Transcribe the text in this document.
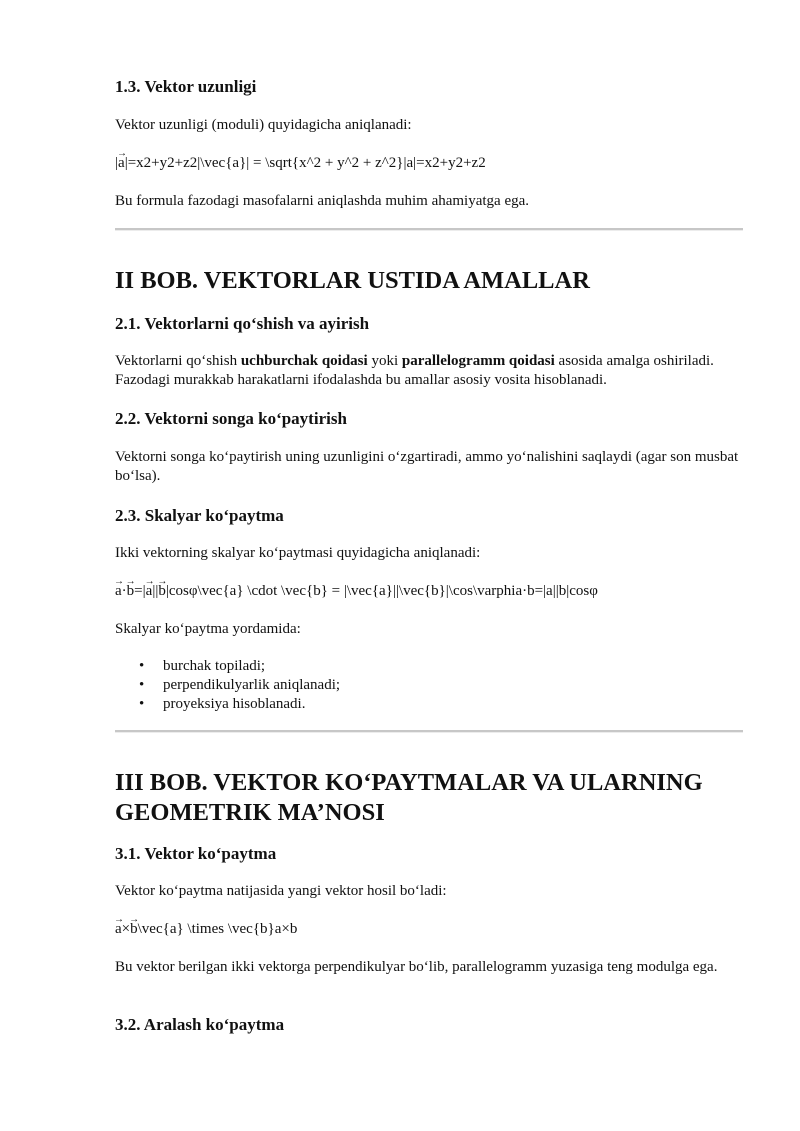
1.3. Vektor uzunligi

Vektor uzunligi (moduli) quyidagicha aniqlanadi:

|a →|=x2+y2+z2|\vec{a}| = \sqrt{x^2 + y^2 + z^2}|a|=x2+y2+z2

Bu formula fazodagi masofalarni aniqlashda muhim ahamiyatga ega.

II BOB. VEKTORLAR USTIDA AMALLAR
2.1. Vektorlarni qo‘shish va ayirish

Vektorlarni qo‘shish uchburchak qoidasi yoki parallelogramm qoidasi asosida amalga oshiriladi. Fazodagi murakkab harakatlarni ifodalashda bu amallar asosiy vosita hisoblanadi.

2.2. Vektorni songa ko‘paytirish

Vektorni songa ko‘paytirish uning uzunligini o‘zgartiradi, ammo yo‘nalishini saqlaydi (agar son musbat bo‘lsa).

2.3. Skalyar ko‘paytma

Ikki vektorning skalyar ko‘paytmasi quyidagicha aniqlanadi:

a →·b →=|a →||b →|cosφ\vec{a} \cdot \vec{b} = |\vec{a}||\vec{b}|\cos\varphia·b=|a||b|cosφ

Skalyar ko‘paytma yordamida:

• burchak topiladi;
• perpendikulyarlik aniqlanadi;
• proyeksiya hisoblanadi.
III BOB. VEKTOR KO‘PAYTMALAR VA ULARNING
GEOMETRIK MA’NOSI
3.1. Vektor ko‘paytma

Vektor ko‘paytma natijasida yangi vektor hosil bo‘ladi:

a →×b →\vec{a} \times \vec{b}a×b

Bu vektor berilgan ikki vektorga perpendikulyar bo‘lib, parallelogramm yuzasiga teng modulga ega.

3.2. Aralash ko‘paytma
